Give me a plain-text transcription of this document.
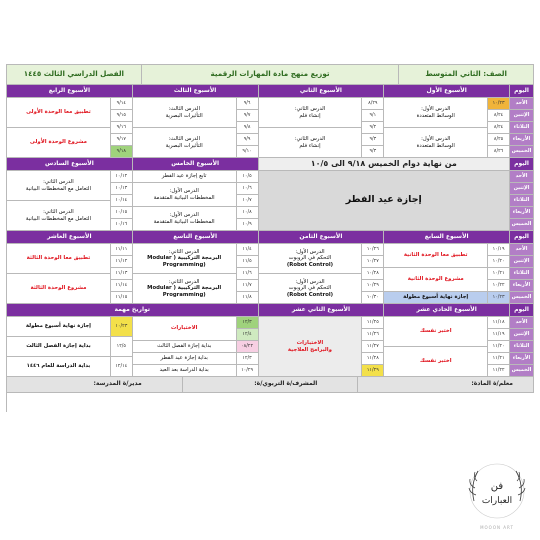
الصف: الثاني المتوسط
توزيع منهج مادة المهارات الرقمية
الفصل الدراسي الثالث ١٤٤٥
اليوم
الأسبوع الأول
الأسبوع الثاني
الأسبوع الثالث
الأسبوع الرابع
الأحد
الإثنين
الثلاثاء
الأربعاء
الخميس
١٠/٢٣
٨/٢٤
٨/٢٤
٨/٢٥
٨/٢٦
الدرس الأول:
الوسائط المتعددة
الدرس الأول:
الوسائط المتعددة
٨/٢٩
٩/١
٩/٢
٩/٣
٩/٣
الدرس الثاني:
إنشاء فلم
الدرس الثاني:
إنشاء فلم
٩/٦
٩/٧
٩/٨
٩/٩
٩/١٠
الدرس الثالث:
التأثيرات البصرية
الدرس الثالث:
التأثيرات البصرية
٩/١٤
٩/١٥
٩/١٦
٩/١٧
٩/١٨
تطبيق معا الوحدة الأولى
مشروع الوحدة الأولى
اليوم
من نهاية دوام الخميس ٩/١٨ الى ١٠/٥
الأسبوع الخامس
الأسبوع السادس
الأحد
الإثنين
الثلاثاء
الأربعاء
الخميس
إجازة عيد الفطر
١٠/٥
١٠/٦
١٠/٧
١٠/٨
١٠/٩
تابع إجازة عيد الفطر
الدرس الأول:
المخططات البيانية المتقدمة
الدرس الأول:
المخططات البيانية المتقدمة
١٠/١٢
١٠/١٣
١٠/١٤
١٠/١٥
١٠/١٦
الدرس الثاني:
التعامل مع المخططات البيانية
الدرس الثاني:
التعامل مع المخططات البيانية
اليوم
الأسبوع السابع
الأسبوع الثامن
الأسبوع التاسع
الأسبوع العاشر
الأحد
الإثنين
الثلاثاء
الأربعاء
الخميس
١٠/١٩
١٠/٢٠
١٠/٢١
١٠/٢٢
١٠/٢٣
تطبيق معا الوحدة الثانية
مشروع الوحدة الثانية
إجازة نهاية أسبوع مطولة
١٠/٢٦
١٠/٢٧
١٠/٢٨
١٠/٢٩
١٠/٣٠
الدرس الأول:
التحكم في الروبوت
(Robot Control)
الدرس الأول:
التحكم في الروبوت
(Robot Control)
١١/٤
١١/٥
١١/٦
١١/٧
١١/٨
الدرس الثاني:
البرمجة التركيبية ( Modular
(Programming
الدرس الثاني:
البرمجة التركيبية ( Modular
(Programming
١١/١١
١١/١٢
١١/١٣
١١/١٤
١١/١٥
تطبيق معا الوحدة الثالثة
مشروع الوحدة الثالثة
اليوم
الأسبوع الحادي عشر
الأسبوع الثاني عشر
تواريخ مهمة
الأحد
الإثنين
الثلاثاء
الأربعاء
الخميس
١١/١٨
١١/١٩
١١/٢٠
١١/٢١
١١/٢٢
اختبر نفسك
اختبر نفسك
١١/٢٥
١١/٢٦
١١/٢٧
١١/٢٨
١١/٢٩
الاختبارات
والبرامج العلاجية
١٢/٣
١٢/٤
٠٨/٢٢
١٢/٣
١٠/٢٩
الاختبارات
بداية إجازة الفصل الثالث
بداية إجازة عيد الفطر
بداية الدراسة بعد العيد
١٠/٢٣
١٢/٥
١٢/١٤
إجازة نهاية أسبوع مطولة
بداية إجازة الفصل الثالث
بداية الدراسة للعام ١٤٤٦
معلم/ة المادة:
المشرف/ة التربوي/ة:
مدير/ة المدرسة:
فن
العبارات
MOOON ART
